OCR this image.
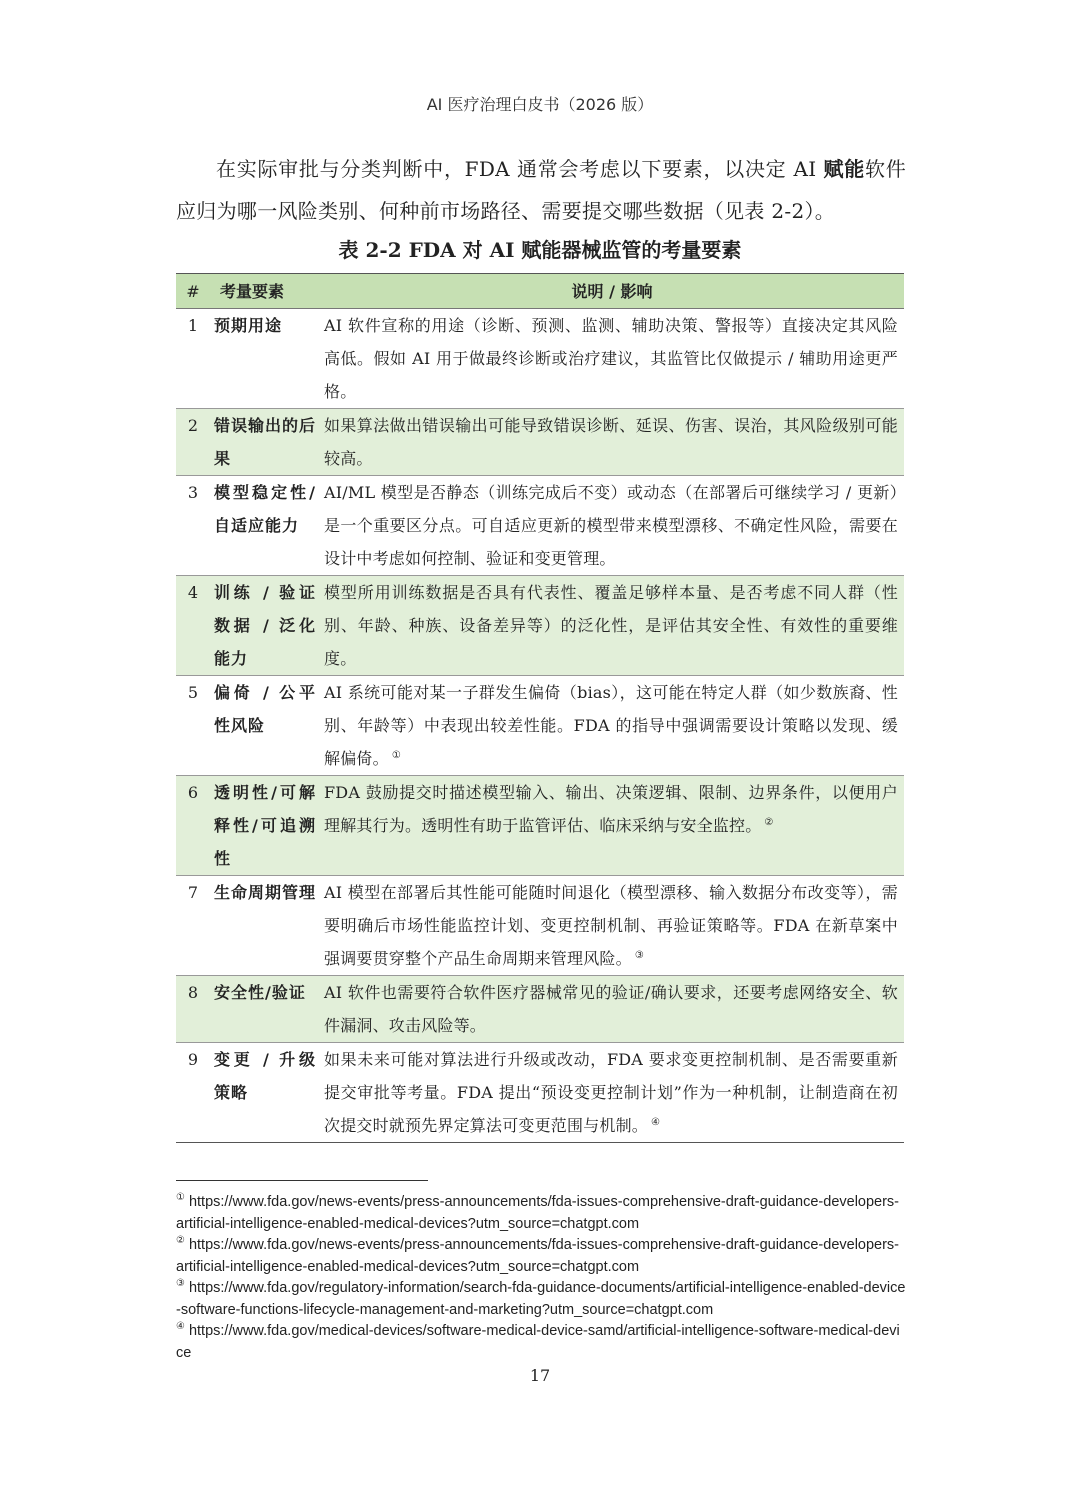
AI 医疗治理白皮书（2026 版）

在实际审批与分类判断中，FDA 通常会考虑以下要素，以决定 AI 赋能软件应归为哪一风险类别、何种前市场路径、需要提交哪些数据（见表 2-2）。

表 2-2 FDA 对 AI 赋能器械监管的考量要素
#	考量要素	说明 / 影响
1	预期用途	AI 软件宣称的用途（诊断、预测、监测、辅助决策、警报等）直接决定其风险高低。假如 AI 用于做最终诊断或治疗建议，其监管比仅做提示 / 辅助用途更严格。
2	错误输出的后果	如果算法做出错误输出可能导致错误诊断、延误、伤害、误治，其风险级别可能较高。
3	模型稳定性/自适应能力	AI/ML 模型是否静态（训练完成后不变）或动态（在部署后可继续学习 / 更新）是一个重要区分点。可自适应更新的模型带来模型漂移、不确定性风险，需要在设计中考虑如何控制、验证和变更管理。
4	训练 / 验证数据 / 泛化能力	模型所用训练数据是否具有代表性、覆盖足够样本量、是否考虑不同人群（性别、年龄、种族、设备差异等）的泛化性，是评估其安全性、有效性的重要维度。
5	偏倚 / 公平性风险	AI 系统可能对某一子群发生偏倚（bias），这可能在特定人群（如少数族裔、性别、年龄等）中表现出较差性能。FDA 的指导中强调需要设计策略以发现、缓解偏倚。 ①
6	透明性/可解释性/可追溯性	FDA 鼓励提交时描述模型输入、输出、决策逻辑、限制、边界条件，以便用户理解其行为。透明性有助于监管评估、临床采纳与安全监控。 ②
7	生命周期管理	AI 模型在部署后其性能可能随时间退化（模型漂移、输入数据分布改变等），需要明确后市场性能监控计划、变更控制机制、再验证策略等。FDA 在新草案中强调要贯穿整个产品生命周期来管理风险。 ③
8	安全性/验证	AI 软件也需要符合软件医疗器械常见的验证/确认要求，还要考虑网络安全、软件漏洞、攻击风险等。
9	变更 / 升级策略	如果未来可能对算法进行升级或改动，FDA 要求变更控制机制、是否需要重新提交审批等考量。FDA 提出“预设变更控制计划”作为一种机制，让制造商在初次提交时就预先界定算法可变更范围与机制。 ④

① https://www.fda.gov/news-events/press-announcements/fda-issues-comprehensive-draft-guidance-developers-artificial-intelligence-enabled-medical-devices?utm_source=chatgpt.com

② https://www.fda.gov/news-events/press-announcements/fda-issues-comprehensive-draft-guidance-developers-artificial-intelligence-enabled-medical-devices?utm_source=chatgpt.com

③ https://www.fda.gov/regulatory-information/search-fda-guidance-documents/artificial-intelligence-enabled-device-software-functions-lifecycle-management-and-marketing?utm_source=chatgpt.com

④ https://www.fda.gov/medical-devices/software-medical-device-samd/artificial-intelligence-software-medical-device

17
